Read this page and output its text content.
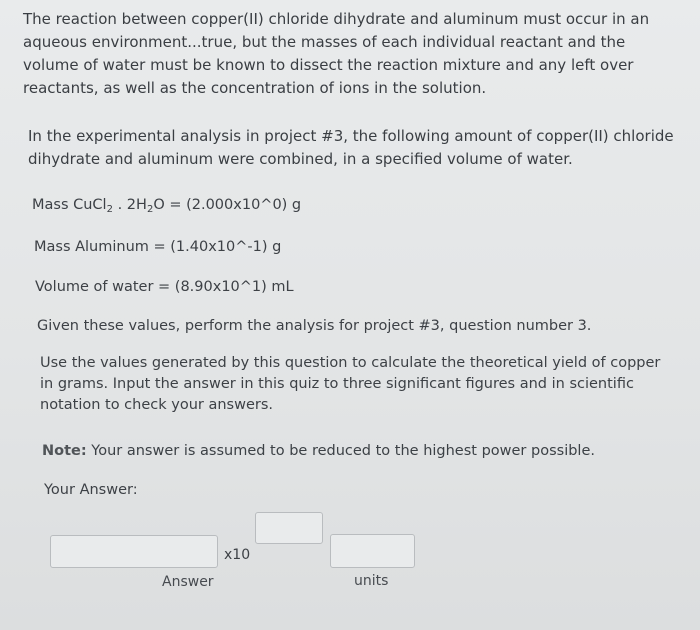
The reaction between copper(II) chloride dihydrate and aluminum must occur in an aqueous environment...true, but the masses of each individual reactant and the volume of water must be known to dissect the reaction mixture and any left over reactants, as well as the concentration of ions in the solution.

In the experimental analysis in project #3, the following amount of copper(II) chloride dihydrate and aluminum were combined, in a specified volume of water.

Mass CuCl$_2$ . $2H_2O$ = (2.000x10^0) g
Mass Aluminum = (1.40x10^-1) g
Volume of water = (8.90x10^1) mL
Given these values, perform the analysis for project #3, question number 3.
Use the values generated by this question to calculate the theoretical yield of copper in grams. Input the answer in this quiz to three significant figures and in scientific notation to check your answers.
Note: Your answer is assumed to be reduced to the highest power possible.
Your Answer:
x10
Answer	units
